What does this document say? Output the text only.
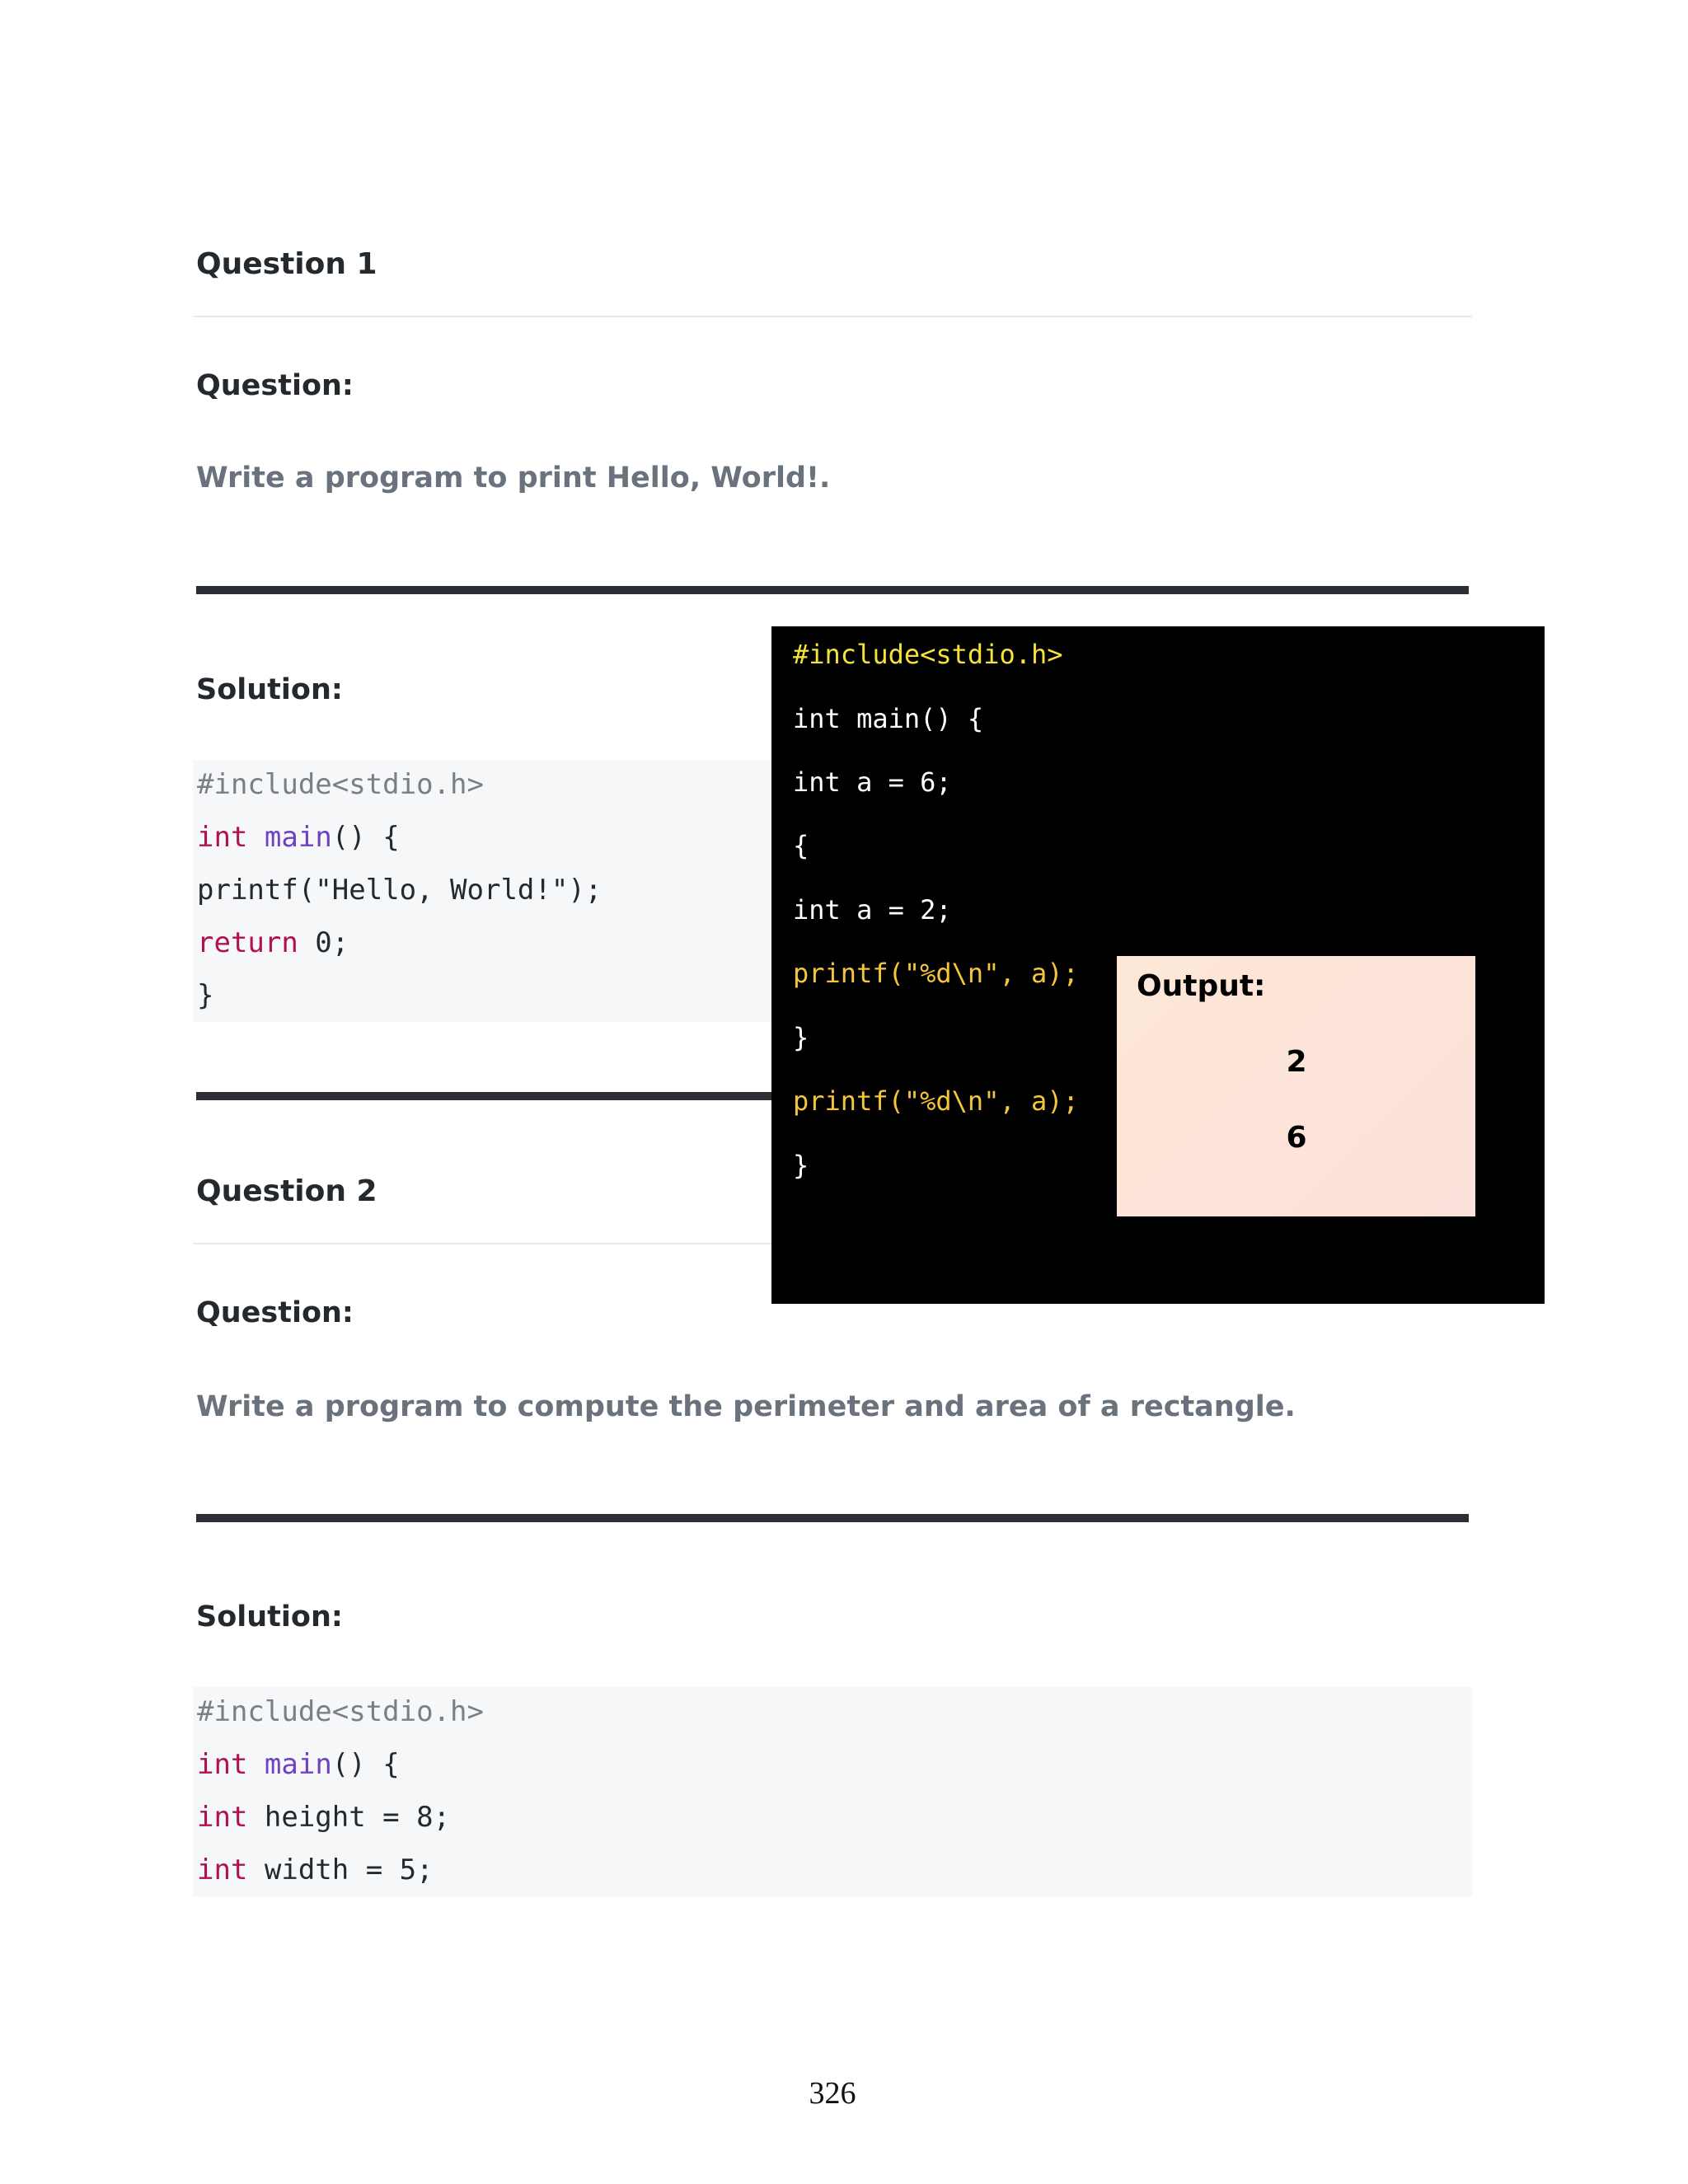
Question 1
Question:
Write a program to print Hello, World!.
Solution:
#include<stdio.h>
int main() {
printf("Hello, World!");
return 0;
}
Question 2
Question:
Write a program to compute the perimeter and area of a rectangle.
Solution:
#include<stdio.h>
int main() {
int height = 8;
int width = 5;
#include<stdio.h>
int main() {
int a = 6;
{
int a = 2;
printf("%d\n", a);
}
printf("%d\n", a);
}
Output:
2
6
326
